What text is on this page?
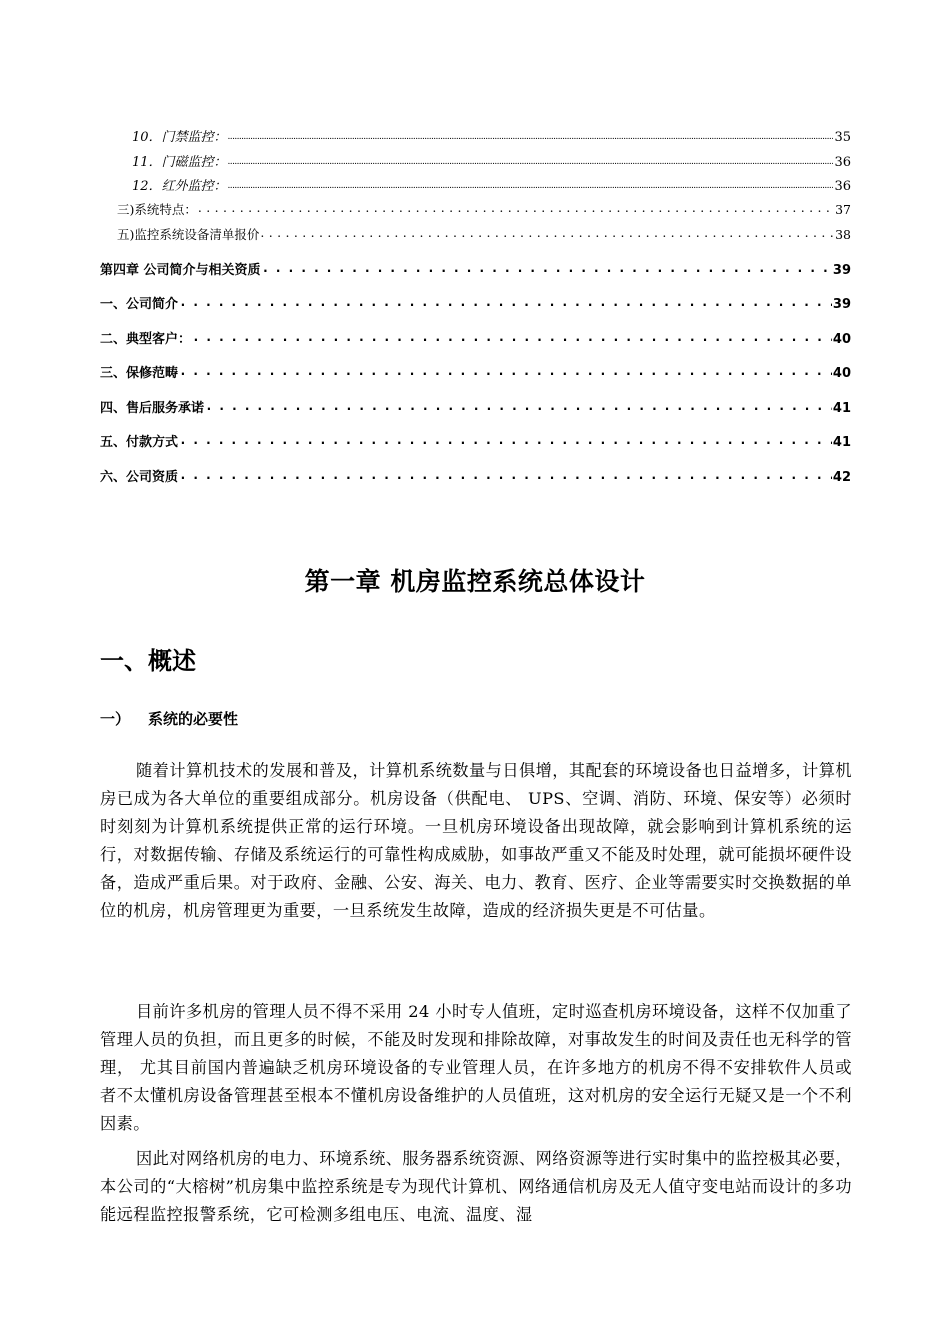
10．门禁监控： .....	35
11．门磁监控： .....	36
12．红外监控： .....	36
三)系统特点： .....	37
五)监控系统设备清单报价 .....	38
第四章 公司简介与相关资质 .....	39
一、公司简介 .....	39
二、典型客户： .....	40
三、保修范畴 .....	40
四、售后服务承诺 .....	41
五、付款方式 .....	41
六、公司资质 .....	42
第一章 机房监控系统总体设计
一、概述
一） 系统的必要性

随着计算机技术的发展和普及，计算机系统数量与日俱增，其配套的环境设备也日益增多，计算机房已成为各大单位的重要组成部分。机房设备（供配电、 UPS、空调、消防、环境、保安等）必须时时刻刻为计算机系统提供正常的运行环境。一旦机房环境设备出现故障，就会影响到计算机系统的运行，对数据传输、存储及系统运行的可靠性构成威胁，如事故严重又不能及时处理，就可能损坏硬件设备，造成严重后果。对于政府、金融、公安、海关、电力、教育、医疗、企业等需要实时交换数据的单位的机房，机房管理更为重要，一旦系统发生故障，造成的经济损失更是不可估量。

目前许多机房的管理人员不得不采用 24 小时专人值班，定时巡查机房环境设备，这样不仅加重了管理人员的负担，而且更多的时候，不能及时发现和排除故障，对事故发生的时间及责任也无科学的管理， 尤其目前国内普遍缺乏机房环境设备的专业管理人员，在许多地方的机房不得不安排软件人员或者不太懂机房设备管理甚至根本不懂机房设备维护的人员值班，这对机房的安全运行无疑又是一个不利因素。

因此对网络机房的电力、环境系统、服务器系统资源、网络资源等进行实时集中的监控极其必要，本公司的“大榕树”机房集中监控系统是专为现代计算机、网络通信机房及无人值守变电站而设计的多功能远程监控报警系统，它可检测多组电压、电流、温度、湿
